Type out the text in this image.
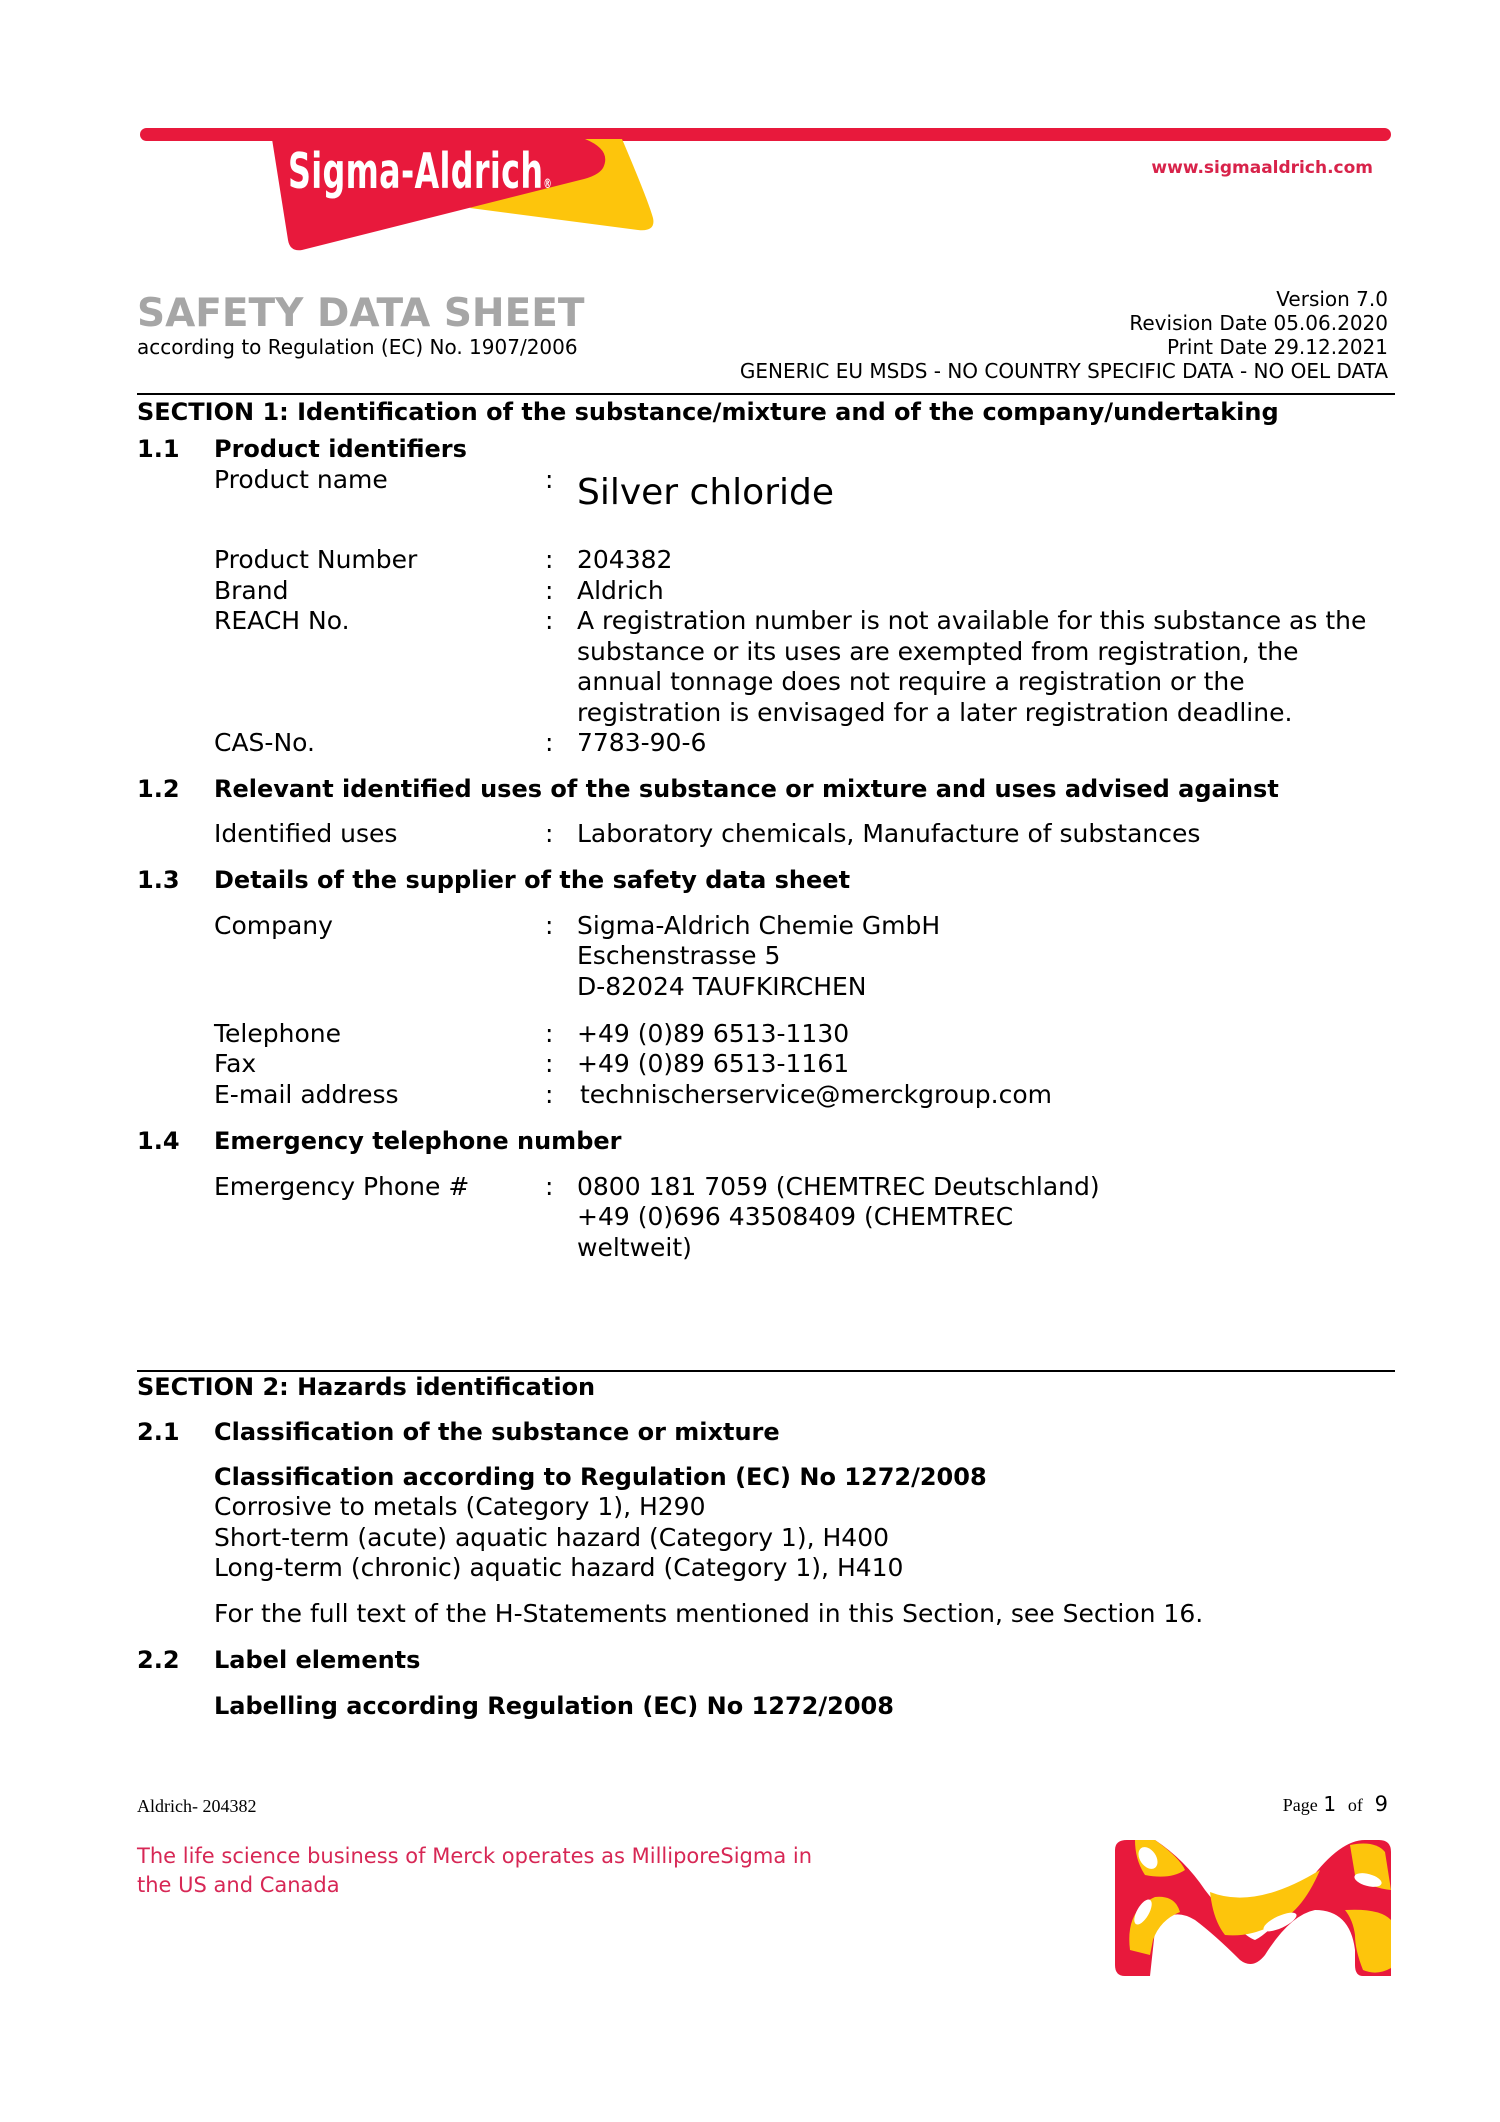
Sigma-Aldrich®
www.sigmaaldrich.com
SAFETY DATA SHEET
according to Regulation (EC) No. 1907/2006
Version 7.0
Revision Date 05.06.2020
Print Date 29.12.2021
GENERIC EU MSDS - NO COUNTRY SPECIFIC DATA - NO OEL DATA
SECTION 1: Identification of the substance/mixture and of the company/undertaking
1.1 Product identifiers
Product name	: Silver chloride
Product Number	: 204382
Brand	: Aldrich
REACH No.	: A registration number is not available for this substance as the
substance or its uses are exempted from registration, the
annual tonnage does not require a registration or the
registration is envisaged for a later registration deadline.
CAS-No.	: 7783-90-6
1.2 Relevant identified uses of the substance or mixture and uses advised against
Identified uses	: Laboratory chemicals, Manufacture of substances
1.3 Details of the supplier of the safety data sheet
Company	: Sigma-Aldrich Chemie GmbH
Eschenstrasse 5
D-82024 TAUFKIRCHEN
Telephone	: +49 (0)89 6513-1130
Fax	: +49 (0)89 6513-1161
E-mail address	: technischerservice@merckgroup.com
1.4 Emergency telephone number
Emergency Phone #	: 0800 181 7059 (CHEMTREC Deutschland)
+49 (0)696 43508409 (CHEMTREC
weltweit)
SECTION 2: Hazards identification
2.1 Classification of the substance or mixture
Classification according to Regulation (EC) No 1272/2008
Corrosive to metals (Category 1), H290
Short-term (acute) aquatic hazard (Category 1), H400
Long-term (chronic) aquatic hazard (Category 1), H410
For the full text of the H-Statements mentioned in this Section, see Section 16.
2.2 Label elements
Labelling according Regulation (EC) No 1272/2008
Aldrich- 204382	Page 1 of 9
The life science business of Merck operates as MilliporeSigma in
the US and Canada
